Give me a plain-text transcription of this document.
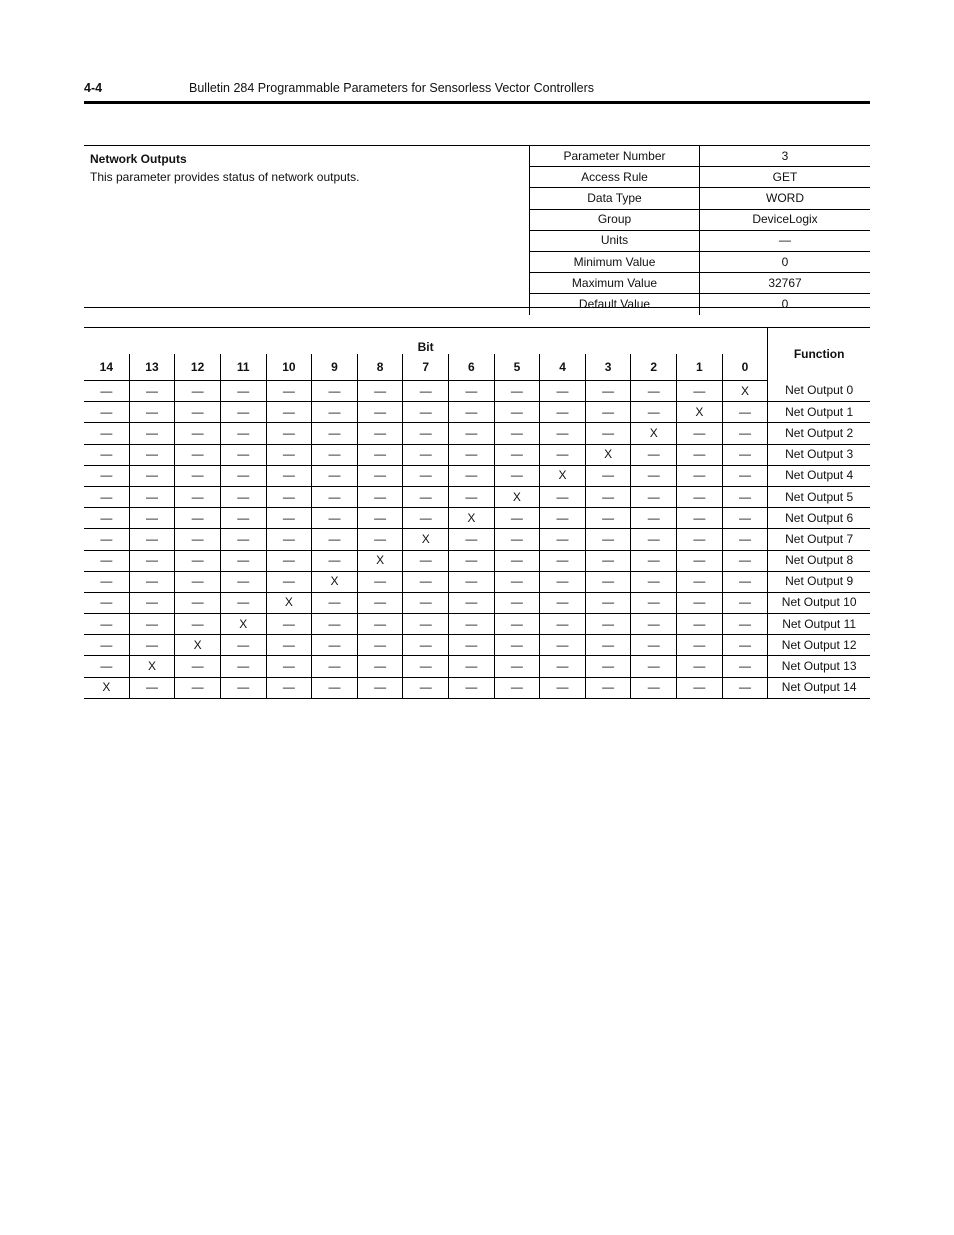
4-4	Bulletin 284 Programmable Parameters for Sensorless Vector Controllers
Network Outputs
This parameter provides status of network outputs.
Parameter Number	3
Access Rule	GET
Data Type	WORD
Group	DeviceLogix
Units	—
Minimum Value	0
Maximum Value	32767
Default Value	0
Bit															Function
14	13	12	11	10	9	8	7	6	5	4	3	2	1	0	
—	—	—	—	—	—	—	—	—	—	—	—	—	—	X	Net Output 0
—	—	—	—	—	—	—	—	—	—	—	—	—	X	—	Net Output 1
—	—	—	—	—	—	—	—	—	—	—	—	X	—	—	Net Output 2
—	—	—	—	—	—	—	—	—	—	—	X	—	—	—	Net Output 3
—	—	—	—	—	—	—	—	—	—	X	—	—	—	—	Net Output 4
—	—	—	—	—	—	—	—	—	X	—	—	—	—	—	Net Output 5
—	—	—	—	—	—	—	—	X	—	—	—	—	—	—	Net Output 6
—	—	—	—	—	—	—	X	—	—	—	—	—	—	—	Net Output 7
—	—	—	—	—	—	X	—	—	—	—	—	—	—	—	Net Output 8
—	—	—	—	—	X	—	—	—	—	—	—	—	—	—	Net Output 9
—	—	—	—	X	—	—	—	—	—	—	—	—	—	—	Net Output 10
—	—	—	X	—	—	—	—	—	—	—	—	—	—	—	Net Output 11
—	—	X	—	—	—	—	—	—	—	—	—	—	—	—	Net Output 12
—	X	—	—	—	—	—	—	—	—	—	—	—	—	—	Net Output 13
X	—	—	—	—	—	—	—	—	—	—	—	—	—	—	Net Output 14
